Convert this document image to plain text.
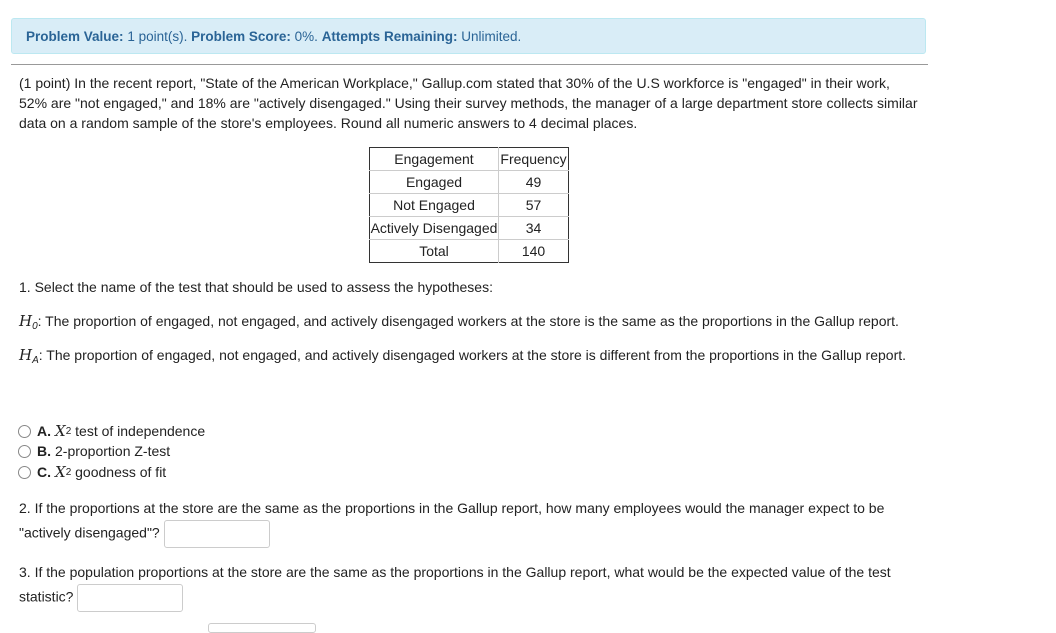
Problem Value: 1 point(s). Problem Score: 0%. Attempts Remaining: Unlimited.
(1 point) In the recent report, "State of the American Workplace," Gallup.com stated that 30% of the U.S workforce is "engaged" in their work, 52% are "not engaged," and 18% are "actively disengaged." Using their survey methods, the manager of a large department store collects similar data on a random sample of the store's employees. Round all numeric answers to 4 decimal places.
Engagement	Frequency
Engaged	49
Not Engaged	57
Actively Disengaged	34
Total	140
1. Select the name of the test that should be used to assess the hypotheses:
$H_0$: The proportion of engaged, not engaged, and actively disengaged workers at the store is the same as the proportions in the Gallup report.
$H_A$: The proportion of engaged, not engaged, and actively disengaged workers at the store is different from the proportions in the Gallup report.
A. X 2 test of independence
B. 2-proportion Z-test
C. X 2 goodness of fit
2. If the proportions at the store are the same as the proportions in the Gallup report, how many employees would the manager expect to be "actively disengaged"?
3. If the population proportions at the store are the same as the proportions in the Gallup report, what would be the expected value of the test statistic?
